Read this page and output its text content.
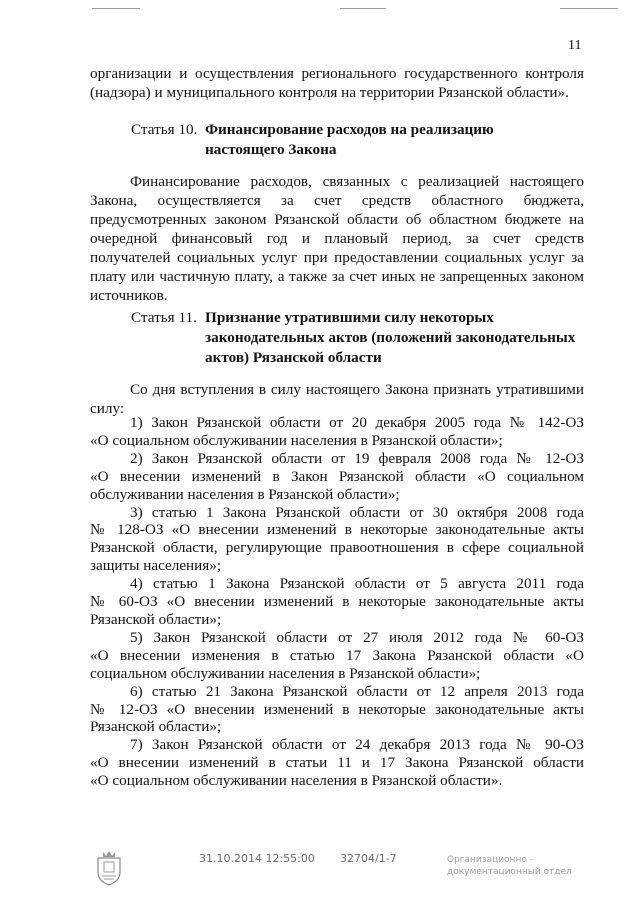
11
организации и осуществления регионального государственного контроля
(надзора) и муниципального контроля на территории Рязанской области».
Статья 10. Финансирование расходов на реализацию
настоящего Закона
Финансирование расходов, связанных с реализацией настоящего
Закона, осуществляется за счет средств областного бюджета,
предусмотренных законом Рязанской области об областном бюджете на
очередной финансовый год и плановый период, за счет средств
получателей социальных услуг при предоставлении социальных услуг за
плату или частичную плату, а также за счет иных не запрещенных законом
источников.
Статья 11. Признание утратившими силу некоторых
законодательных актов (положений законодательных
актов) Рязанской области
Со дня вступления в силу настоящего Закона признать утратившими
силу:
1) Закон Рязанской области от 20 декабря 2005 года № 142-ОЗ
«О социальном обслуживании населения в Рязанской области»;
2) Закон Рязанской области от 19 февраля 2008 года № 12-ОЗ
«О внесении изменений в Закон Рязанской области «О социальном
обслуживании населения в Рязанской области»;
3) статью 1 Закона Рязанской области от 30 октября 2008 года
№ 128-ОЗ «О внесении изменений в некоторые законодательные акты
Рязанской области, регулирующие правоотношения в сфере социальной
защиты населения»;
4) статью 1 Закона Рязанской области от 5 августа 2011 года
№ 60-ОЗ «О внесении изменений в некоторые законодательные акты
Рязанской области»;
5) Закон Рязанской области от 27 июля 2012 года № 60-ОЗ
«О внесении изменения в статью 17 Закона Рязанской области «О
социальном обслуживании населения в Рязанской области»;
6) статью 21 Закона Рязанской области от 12 апреля 2013 года
№ 12-ОЗ «О внесении изменений в некоторые законодательные акты
Рязанской области»;
7) Закон Рязанской области от 24 декабря 2013 года № 90-ОЗ
«О внесении изменений в статьи 11 и 17 Закона Рязанской области
«О социальном обслуживании населения в Рязанской области».
31.10.2014 12:55:00 32704/1-7	Организационно -
документационный отдел
